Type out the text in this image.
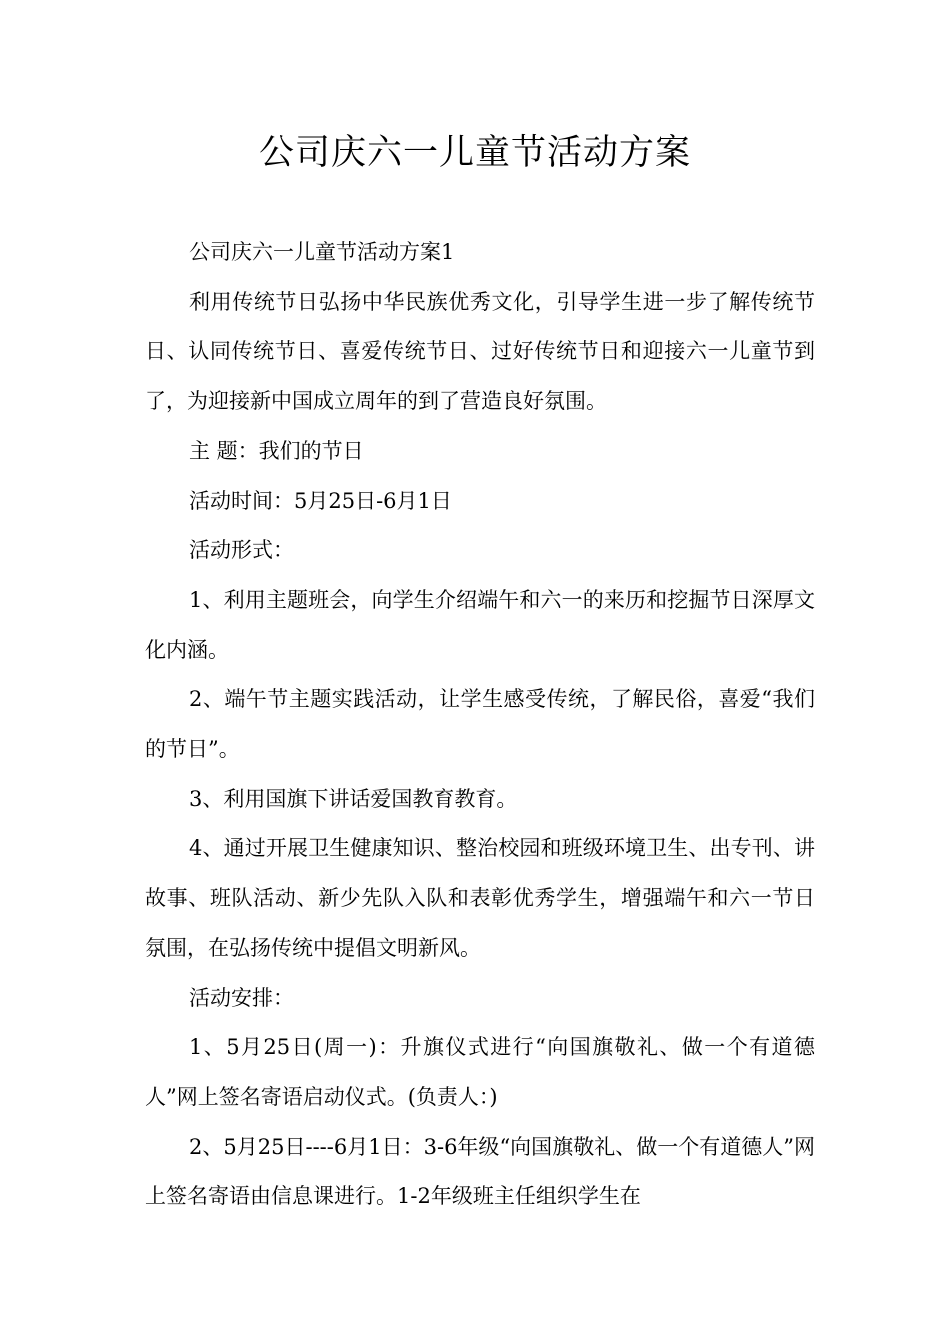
公司庆六一儿童节活动方案

公司庆六一儿童节活动方案1

利用传统节日弘扬中华民族优秀文化，引导学生进一步了解传统节日、认同传统节日、喜爱传统节日、过好传统节日和迎接六一儿童节到了，为迎接新中国成立周年的到了营造良好氛围。

主 题：我们的节日

活动时间：5月25日-6月1日

活动形式：

1、利用主题班会，向学生介绍端午和六一的来历和挖掘节日深厚文化内涵。

2、端午节主题实践活动，让学生感受传统，了解民俗，喜爱“我们的节日”。

3、利用国旗下讲话爱国教育教育。

4、通过开展卫生健康知识、整治校园和班级环境卫生、出专刊、讲故事、班队活动、新少先队入队和表彰优秀学生，增强端午和六一节日氛围，在弘扬传统中提倡文明新风。

活动安排：

1、5月25日(周一)：升旗仪式进行“向国旗敬礼、做一个有道德人”网上签名寄语启动仪式。(负责人：)

2、5月25日----6月1日：3-6年级“向国旗敬礼、做一个有道德人”网上签名寄语由信息课进行。1-2年级班主任组织学生在
